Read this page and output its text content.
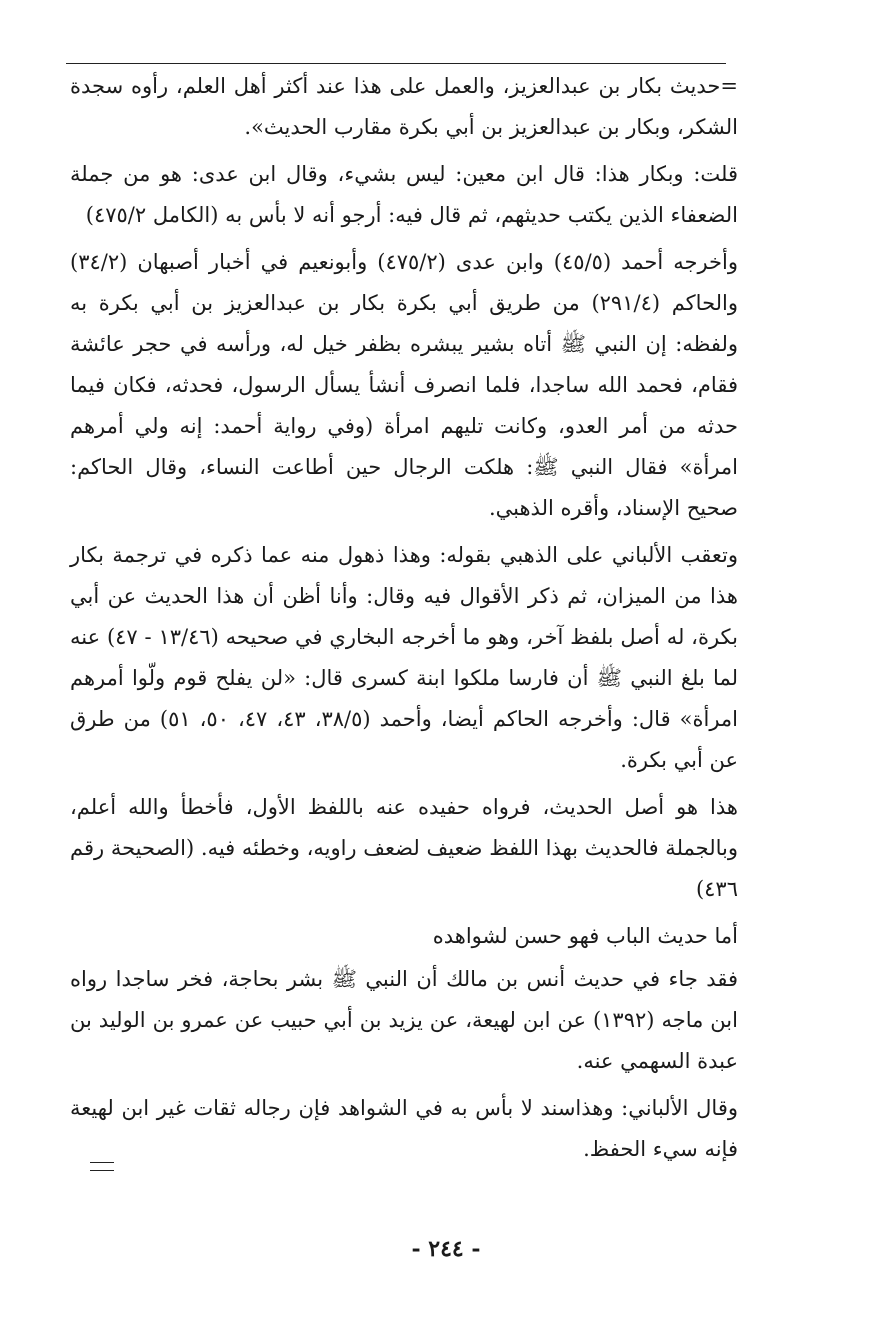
=حديث بكار بن عبدالعزيز، والعمل على هذا عند أكثر أهل العلم، رأوه سجدة الشكر، وبكار بن عبدالعزيز بن أبي بكرة مقارب الحديث».

قلت: وبكار هذا: قال ابن معين: ليس بشيء، وقال ابن عدى: هو من جملة الضعفاء الذين يكتب حديثهم، ثم قال فيه: أرجو أنه لا بأس به (الكامل ٤٧٥/٢)

وأخرجه أحمد (٤٥/٥) وابن عدى (٤٧٥/٢) وأبونعيم في أخبار أصبهان (٣٤/٢) والحاكم (٢٩١/٤) من طريق أبي بكرة بكار بن عبدالعزيز بن أبي بكرة به ولفظه: إن النبي ﷺ أتاه بشير يبشره بظفر خيل له، ورأسه في حجر عائشة فقام، فحمد الله ساجدا، فلما انصرف أنشأ يسأل الرسول، فحدثه، فكان فيما حدثه من أمر العدو، وكانت تليهم امرأة (وفي رواية أحمد: إنه ولي أمرهم امرأة» فقال النبي ﷺ: هلكت الرجال حين أطاعت النساء، وقال الحاكم: صحيح الإسناد، وأقره الذهبي.

وتعقب الألباني على الذهبي بقوله: وهذا ذهول منه عما ذكره في ترجمة بكار هذا من الميزان، ثم ذكر الأقوال فيه وقال: وأنا أظن أن هذا الحديث عن أبي بكرة، له أصل بلفظ آخر، وهو ما أخرجه البخاري في صحيحه (١٣/٤٦ - ٤٧) عنه لما بلغ النبي ﷺ أن فارسا ملكوا ابنة كسرى قال: «لن يفلح قوم ولّوا أمرهم امرأة» قال: وأخرجه الحاكم أيضا، وأحمد (٣٨/٥، ٤٣، ٤٧، ٥٠، ٥١) من طرق عن أبي بكرة.

هذا هو أصل الحديث، فرواه حفيده عنه باللفظ الأول، فأخطأ والله أعلم، وبالجملة فالحديث بهذا اللفظ ضعيف لضعف راويه، وخطئه فيه. (الصحيحة رقم ٤٣٦)

أما حديث الباب فهو حسن لشواهده

فقد جاء في حديث أنس بن مالك أن النبي ﷺ بشر بحاجة، فخر ساجدا رواه ابن ماجه (١٣٩٢) عن ابن لهيعة، عن يزيد بن أبي حبيب عن عمرو بن الوليد بن عبدة السهمي عنه.

وقال الألباني: وهذاسند لا بأس به في الشواهد فإن رجاله ثقات غير ابن لهيعة فإنه سيء الحفظ.

- ٢٤٤ -
